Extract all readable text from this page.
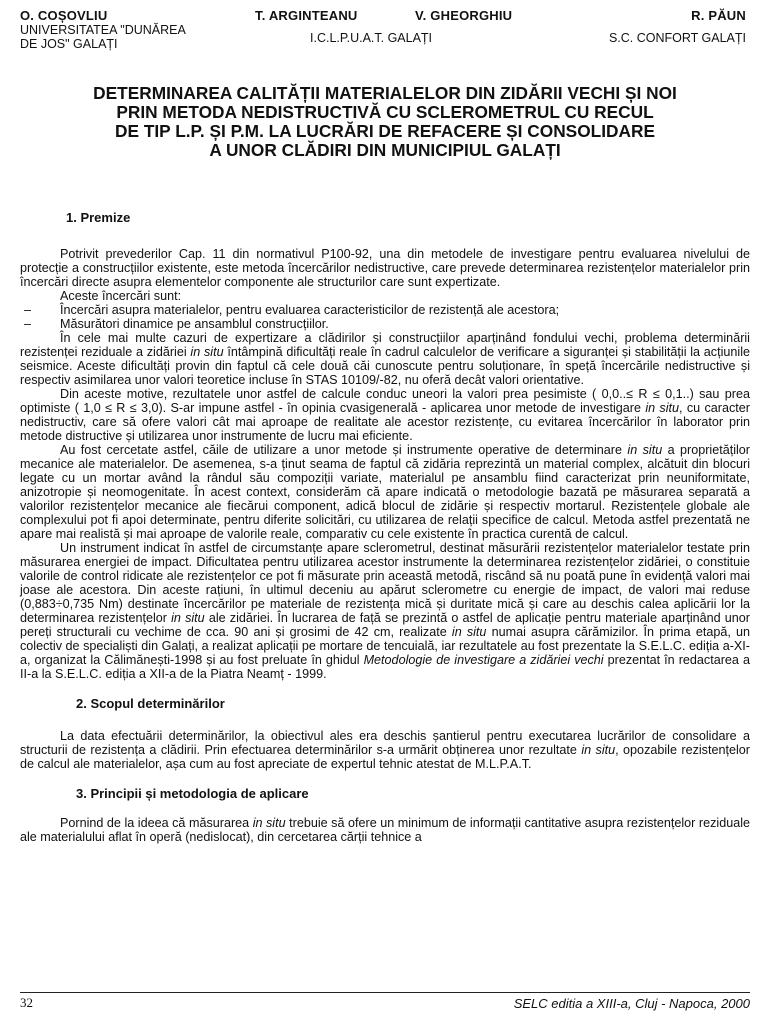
O. COȘOVLIU
UNIVERSITATEA "DUNĂREA
DE JOS" GALAȚI
T. ARGINTEANU
I.C.L.P.U.A.T. GALAȚI
V. GHEORGHIU	R. PĂUN
S.C. CONFORT GALAȚI
DETERMINAREA CALITĂȚII MATERIALELOR DIN ZIDĂRII VECHI ȘI NOI
PRIN METODA NEDISTRUCTIVĂ CU SCLEROMETRUL CU RECUL
DE TIP L.P. ȘI P.M. LA LUCRĂRI DE REFACERE ȘI CONSOLIDARE
A UNOR CLĂDIRI DIN MUNICIPIUL GALAȚI
1. Premize

Potrivit prevederilor Cap. 11 din normativul P100-92, una din metodele de investigare pentru evaluarea nivelului de protecție a construcțiilor existente, este metoda încercărilor nedistructive, care prevede determinarea rezistențelor materialelor prin încercări directe asupra elementelor componente ale structurilor care sunt expertizate.

Aceste încercări sunt:

– Încercări asupra materialelor, pentru evaluarea caracteristicilor de rezistență ale acestora;
– Măsurători dinamice pe ansamblul construcțiilor.

În cele mai multe cazuri de expertizare a clădirilor și construcțiilor aparținând fondului vechi, problema determinării rezistenței reziduale a zidăriei in situ întâmpină dificultăți reale în cadrul calculelor de verificare a siguranței și stabilității la acțiunile seismice. Aceste dificultăți provin din faptul că cele două căi cunoscute pentru soluționare, în speță încercările nedistructive și respectiv asimilarea unor valori teoretice incluse în STAS 10109/-82, nu oferă decât valori orientative.

Din aceste motive, rezultatele unor astfel de calcule conduc uneori la valori prea pesimiste ( 0,0..≤ R ≤ 0,1..) sau prea optimiste ( 1,0 ≤ R ≤ 3,0). S-ar impune astfel - în opinia cvasigenerală - aplicarea unor metode de investigare in situ, cu caracter nedistructiv, care să ofere valori cât mai aproape de realitate ale acestor rezistențe, cu evitarea încercărilor în laborator prin metode distructive și utilizarea unor instrumente de lucru mai eficiente.

Au fost cercetate astfel, căile de utilizare a unor metode și instrumente operative de determinare in situ a proprietăților mecanice ale materialelor. De asemenea, s-a ținut seama de faptul că zidăria reprezintă un material complex, alcătuit din blocuri legate cu un mortar având la rândul său compoziții variate, materialul pe ansamblu fiind caracterizat prin neuniformitate, anizotropie și neomogenitate. În acest context, considerăm că apare indicată o metodologie bazată pe măsurarea separată a valorilor rezistențelor mecanice ale fiecărui component, adică blocul de zidărie și respectiv mortarul. Rezistențele globale ale complexului pot fi apoi determinate, pentru diferite solicitări, cu utilizarea de relații specifice de calcul. Metoda astfel prezentată ne apare mai realistă și mai aproape de valorile reale, comparativ cu cele existente în practica curentă de calcul.

Un instrument indicat în astfel de circumstanțe apare sclerometrul, destinat măsurării rezistențelor materialelor testate prin măsurarea energiei de impact. Dificultatea pentru utilizarea acestor instrumente la determinarea rezistențelor zidăriei, o constituie valorile de control ridicate ale rezistențelor ce pot fi măsurate prin această metodă, riscând să nu poată pune în evidență valori mai joase ale acestora. Din aceste rațiuni, în ultimul deceniu au apărut sclerometre cu energie de impact, de valori mai reduse (0,883÷0,735 Nm) destinate încercărilor pe materiale de rezistența mică și duritate mică și care au deschis calea aplicării lor la determinarea rezistențelor in situ ale zidăriei. În lucrarea de față se prezintă o astfel de aplicație pentru materiale aparținând unor pereți structurali cu vechime de cca. 90 ani și grosimi de 42 cm, realizate in situ numai asupra cărămizilor. În prima etapă, un colectiv de specialiști din Galați, a realizat aplicații pe mortare de tencuială, iar rezultatele au fost prezentate la S.E.L.C. ediția a-XI-a, organizat la Călimănești-1998 și au fost preluate în ghidul Metodologie de investigare a zidăriei vechi prezentat în redactarea a II-a la S.E.L.C. ediția a XII-a de la Piatra Neamț - 1999.

2. Scopul determinărilor

La data efectuării determinărilor, la obiectivul ales era deschis șantierul pentru executarea lucrărilor de consolidare a structurii de rezistența a clădirii. Prin efectuarea determinărilor s-a urmărit obținerea unor rezultate in situ, opozabile rezistențelor de calcul ale materialelor, așa cum au fost apreciate de expertul tehnic atestat de M.L.P.A.T.

3. Principii și metodologia de aplicare

Pornind de la ideea că măsurarea in situ trebuie să ofere un minimum de informații cantitative asupra rezistențelor reziduale ale materialului aflat în operă (nedislocat), din cercetarea cărții tehnice a

32	SELC editia a XIII-a, Cluj - Napoca, 2000
